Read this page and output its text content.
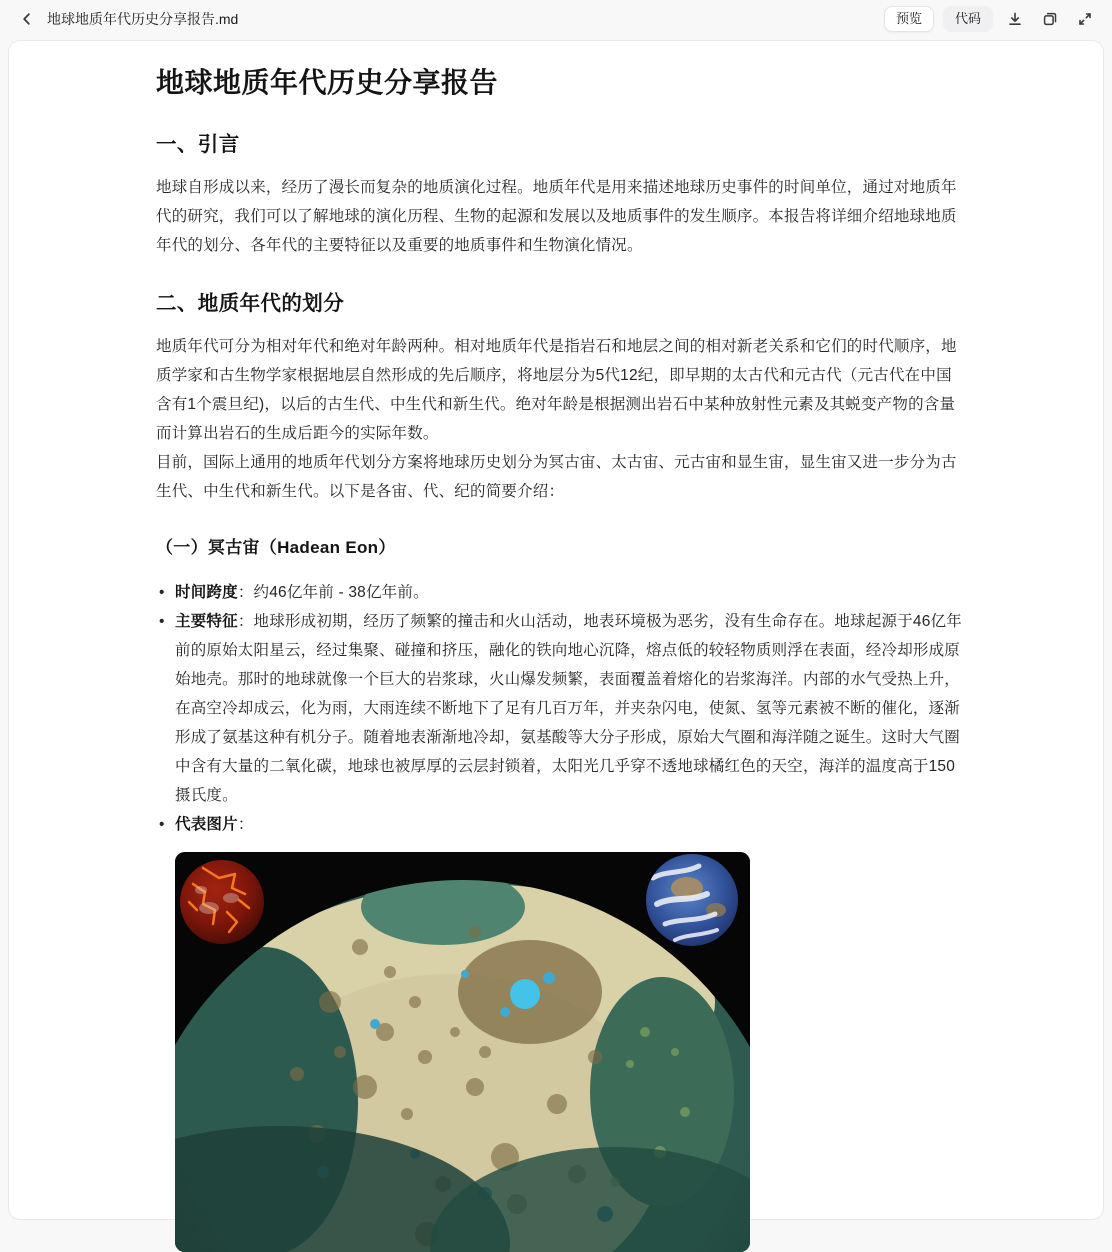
地球地质年代历史分享报告.md	预览	代码
地球地质年代历史分享报告
一、引言

地球自形成以来，经历了漫长而复杂的地质演化过程。地质年代是用来描述地球历史事件的时间单位，通过对地质年代的研究，我们可以了解地球的演化历程、生物的起源和发展以及地质事件的发生顺序。本报告将详细介绍地球地质年代的划分、各年代的主要特征以及重要的地质事件和生物演化情况。

二、地质年代的划分

地质年代可分为相对年代和绝对年龄两种。相对地质年代是指岩石和地层之间的相对新老关系和它们的时代顺序，地质学家和古生物学家根据地层自然形成的先后顺序，将地层分为5代12纪，即早期的太古代和元古代（元古代在中国含有1个震旦纪)，以后的古生代、中生代和新生代。绝对年龄是根据测出岩石中某种放射性元素及其蜕变产物的含量而计算出岩石的生成后距今的实际年数。

目前，国际上通用的地质年代划分方案将地球历史划分为冥古宙、太古宙、元古宙和显生宙，显生宙又进一步分为古生代、中生代和新生代。以下是各宙、代、纪的简要介绍：

（一）冥古宙（Hadean Eon）
• 时间跨度：约46亿年前 - 38亿年前。
• 主要特征：地球形成初期，经历了频繁的撞击和火山活动，地表环境极为恶劣，没有生命存在。地球起源于46亿年前的原始太阳星云，经过集聚、碰撞和挤压，融化的铁向地心沉降，熔点低的较轻物质则浮在表面，经冷却形成原始地壳。那时的地球就像一个巨大的岩浆球，火山爆发频繁，表面覆盖着熔化的岩浆海洋。内部的水气受热上升，在高空冷却成云，化为雨，大雨连续不断地下了足有几百万年，并夹杂闪电，使氮、氢等元素被不断的催化，逐渐形成了氨基这种有机分子。随着地表渐渐地冷却，氨基酸等大分子形成，原始大气圈和海洋随之诞生。这时大气圈中含有大量的二氧化碳，地球也被厚厚的云层封锁着，太阳光几乎穿不透地球橘红色的天空，海洋的温度高于150摄氏度。
• 代表图片：
